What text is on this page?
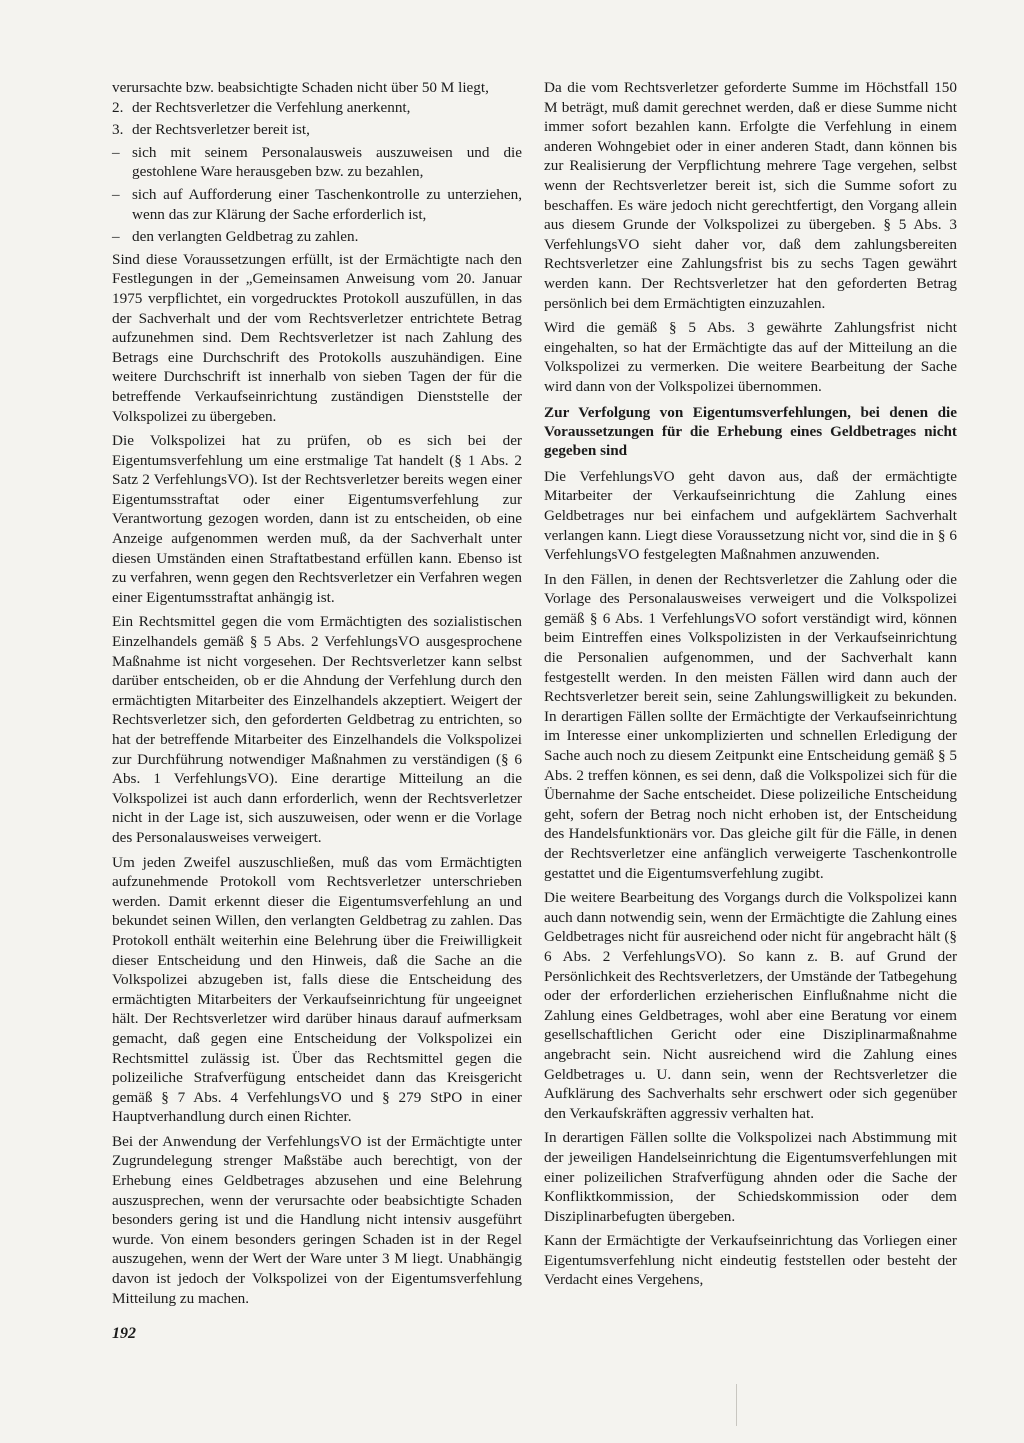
verursachte bzw. beabsichtigte Schaden nicht über 50 M liegt,

2. der Rechtsverletzer die Verfehlung anerkennt,
3. der Rechtsverletzer bereit ist,
– sich mit seinem Personalausweis auszuweisen und die gestohlene Ware herausgeben bzw. zu bezahlen,
– sich auf Aufforderung einer Taschenkontrolle zu unterziehen, wenn das zur Klärung der Sache erforderlich ist,
– den verlangten Geldbetrag zu zahlen.

Sind diese Voraussetzungen erfüllt, ist der Ermächtigte nach den Festlegungen in der „Gemeinsamen Anweisung vom 20. Januar 1975 verpflichtet, ein vorgedrucktes Protokoll auszufüllen, in das der Sachverhalt und der vom Rechtsverletzer entrichtete Betrag aufzunehmen sind. Dem Rechtsverletzer ist nach Zahlung des Betrags eine Durchschrift des Protokolls auszuhändigen. Eine weitere Durchschrift ist innerhalb von sieben Tagen der für die betreffende Verkaufseinrichtung zuständigen Dienststelle der Volkspolizei zu übergeben.

Die Volkspolizei hat zu prüfen, ob es sich bei der Eigentumsverfehlung um eine erstmalige Tat handelt (§ 1 Abs. 2 Satz 2 VerfehlungsVO). Ist der Rechtsverletzer bereits wegen einer Eigentumsstraftat oder einer Eigentumsverfehlung zur Verantwortung gezogen worden, dann ist zu entscheiden, ob eine Anzeige aufgenommen werden muß, da der Sachverhalt unter diesen Umständen einen Straftatbestand erfüllen kann. Ebenso ist zu verfahren, wenn gegen den Rechtsverletzer ein Verfahren wegen einer Eigentumsstraftat anhängig ist.

Ein Rechtsmittel gegen die vom Ermächtigten des sozialistischen Einzelhandels gemäß § 5 Abs. 2 VerfehlungsVO ausgesprochene Maßnahme ist nicht vorgesehen. Der Rechtsverletzer kann selbst darüber entscheiden, ob er die Ahndung der Verfehlung durch den ermächtigten Mitarbeiter des Einzelhandels akzeptiert. Weigert der Rechtsverletzer sich, den geforderten Geldbetrag zu entrichten, so hat der betreffende Mitarbeiter des Einzelhandels die Volkspolizei zur Durchführung notwendiger Maßnahmen zu verständigen (§ 6 Abs. 1 VerfehlungsVO). Eine derartige Mitteilung an die Volkspolizei ist auch dann erforderlich, wenn der Rechtsverletzer nicht in der Lage ist, sich auszuweisen, oder wenn er die Vorlage des Personalausweises verweigert.

Um jeden Zweifel auszuschließen, muß das vom Ermächtigten aufzunehmende Protokoll vom Rechtsverletzer unterschrieben werden. Damit erkennt dieser die Eigentumsverfehlung an und bekundet seinen Willen, den verlangten Geldbetrag zu zahlen. Das Protokoll enthält weiterhin eine Belehrung über die Freiwilligkeit dieser Entscheidung und den Hinweis, daß die Sache an die Volkspolizei abzugeben ist, falls diese die Entscheidung des ermächtigten Mitarbeiters der Verkaufseinrichtung für ungeeignet hält. Der Rechtsverletzer wird darüber hinaus darauf aufmerksam gemacht, daß gegen eine Entscheidung der Volkspolizei ein Rechtsmittel zulässig ist. Über das Rechtsmittel gegen die polizeiliche Strafverfügung entscheidet dann das Kreisgericht gemäß § 7 Abs. 4 VerfehlungsVO und § 279 StPO in einer Hauptverhandlung durch einen Richter.

Bei der Anwendung der VerfehlungsVO ist der Ermächtigte unter Zugrundelegung strenger Maßstäbe auch berechtigt, von der Erhebung eines Geldbetrages abzusehen und eine Belehrung auszusprechen, wenn der verursachte oder beabsichtigte Schaden besonders gering ist und die Handlung nicht intensiv ausgeführt wurde. Von einem besonders geringen Schaden ist in der Regel auszugehen, wenn der Wert der Ware unter 3 M liegt. Unabhängig davon ist jedoch der Volkspolizei von der Eigentumsverfehlung Mitteilung zu machen.

Da die vom Rechtsverletzer geforderte Summe im Höchstfall 150 M beträgt, muß damit gerechnet werden, daß er diese Summe nicht immer sofort bezahlen kann. Erfolgte die Verfehlung in einem anderen Wohngebiet oder in einer anderen Stadt, dann können bis zur Realisierung der Verpflichtung mehrere Tage vergehen, selbst wenn der Rechtsverletzer bereit ist, sich die Summe sofort zu beschaffen. Es wäre jedoch nicht gerechtfertigt, den Vorgang allein aus diesem Grunde der Volkspolizei zu übergeben. § 5 Abs. 3 VerfehlungsVO sieht daher vor, daß dem zahlungsbereiten Rechtsverletzer eine Zahlungsfrist bis zu sechs Tagen gewährt werden kann. Der Rechtsverletzer hat den geforderten Betrag persönlich bei dem Ermächtigten einzuzahlen.

Wird die gemäß § 5 Abs. 3 gewährte Zahlungsfrist nicht eingehalten, so hat der Ermächtigte das auf der Mitteilung an die Volkspolizei zu vermerken. Die weitere Bearbeitung der Sache wird dann von der Volkspolizei übernommen.

Zur Verfolgung von Eigentumsverfehlungen, bei denen die Voraussetzungen für die Erhebung eines Geldbetrages nicht gegeben sind

Die VerfehlungsVO geht davon aus, daß der ermächtigte Mitarbeiter der Verkaufseinrichtung die Zahlung eines Geldbetrages nur bei einfachem und aufgeklärtem Sachverhalt verlangen kann. Liegt diese Voraussetzung nicht vor, sind die in § 6 VerfehlungsVO festgelegten Maßnahmen anzuwenden.

In den Fällen, in denen der Rechtsverletzer die Zahlung oder die Vorlage des Personalausweises verweigert und die Volkspolizei gemäß § 6 Abs. 1 VerfehlungsVO sofort verständigt wird, können beim Eintreffen eines Volkspolizisten in der Verkaufseinrichtung die Personalien aufgenommen, und der Sachverhalt kann festgestellt werden. In den meisten Fällen wird dann auch der Rechtsverletzer bereit sein, seine Zahlungswilligkeit zu bekunden. In derartigen Fällen sollte der Ermächtigte der Verkaufseinrichtung im Interesse einer unkomplizierten und schnellen Erledigung der Sache auch noch zu diesem Zeitpunkt eine Entscheidung gemäß § 5 Abs. 2 treffen können, es sei denn, daß die Volkspolizei sich für die Übernahme der Sache entscheidet. Diese polizeiliche Entscheidung geht, sofern der Betrag noch nicht erhoben ist, der Entscheidung des Handelsfunktionärs vor. Das gleiche gilt für die Fälle, in denen der Rechtsverletzer eine anfänglich verweigerte Taschenkontrolle gestattet und die Eigentumsverfehlung zugibt.

Die weitere Bearbeitung des Vorgangs durch die Volkspolizei kann auch dann notwendig sein, wenn der Ermächtigte die Zahlung eines Geldbetrages nicht für ausreichend oder nicht für angebracht hält (§ 6 Abs. 2 VerfehlungsVO). So kann z. B. auf Grund der Persönlichkeit des Rechtsverletzers, der Umstände der Tatbegehung oder der erforderlichen erzieherischen Einflußnahme nicht die Zahlung eines Geldbetrages, wohl aber eine Beratung vor einem gesellschaftlichen Gericht oder eine Disziplinarmaßnahme angebracht sein. Nicht ausreichend wird die Zahlung eines Geldbetrages u. U. dann sein, wenn der Rechtsverletzer die Aufklärung des Sachverhalts sehr erschwert oder sich gegenüber den Verkaufskräften aggressiv verhalten hat.

In derartigen Fällen sollte die Volkspolizei nach Abstimmung mit der jeweiligen Handelseinrichtung die Eigentumsverfehlungen mit einer polizeilichen Strafverfügung ahnden oder die Sache der Konfliktkommission, der Schiedskommission oder dem Disziplinarbefugten übergeben.

Kann der Ermächtigte der Verkaufseinrichtung das Vorliegen einer Eigentumsverfehlung nicht eindeutig feststellen oder besteht der Verdacht eines Vergehens,

192
